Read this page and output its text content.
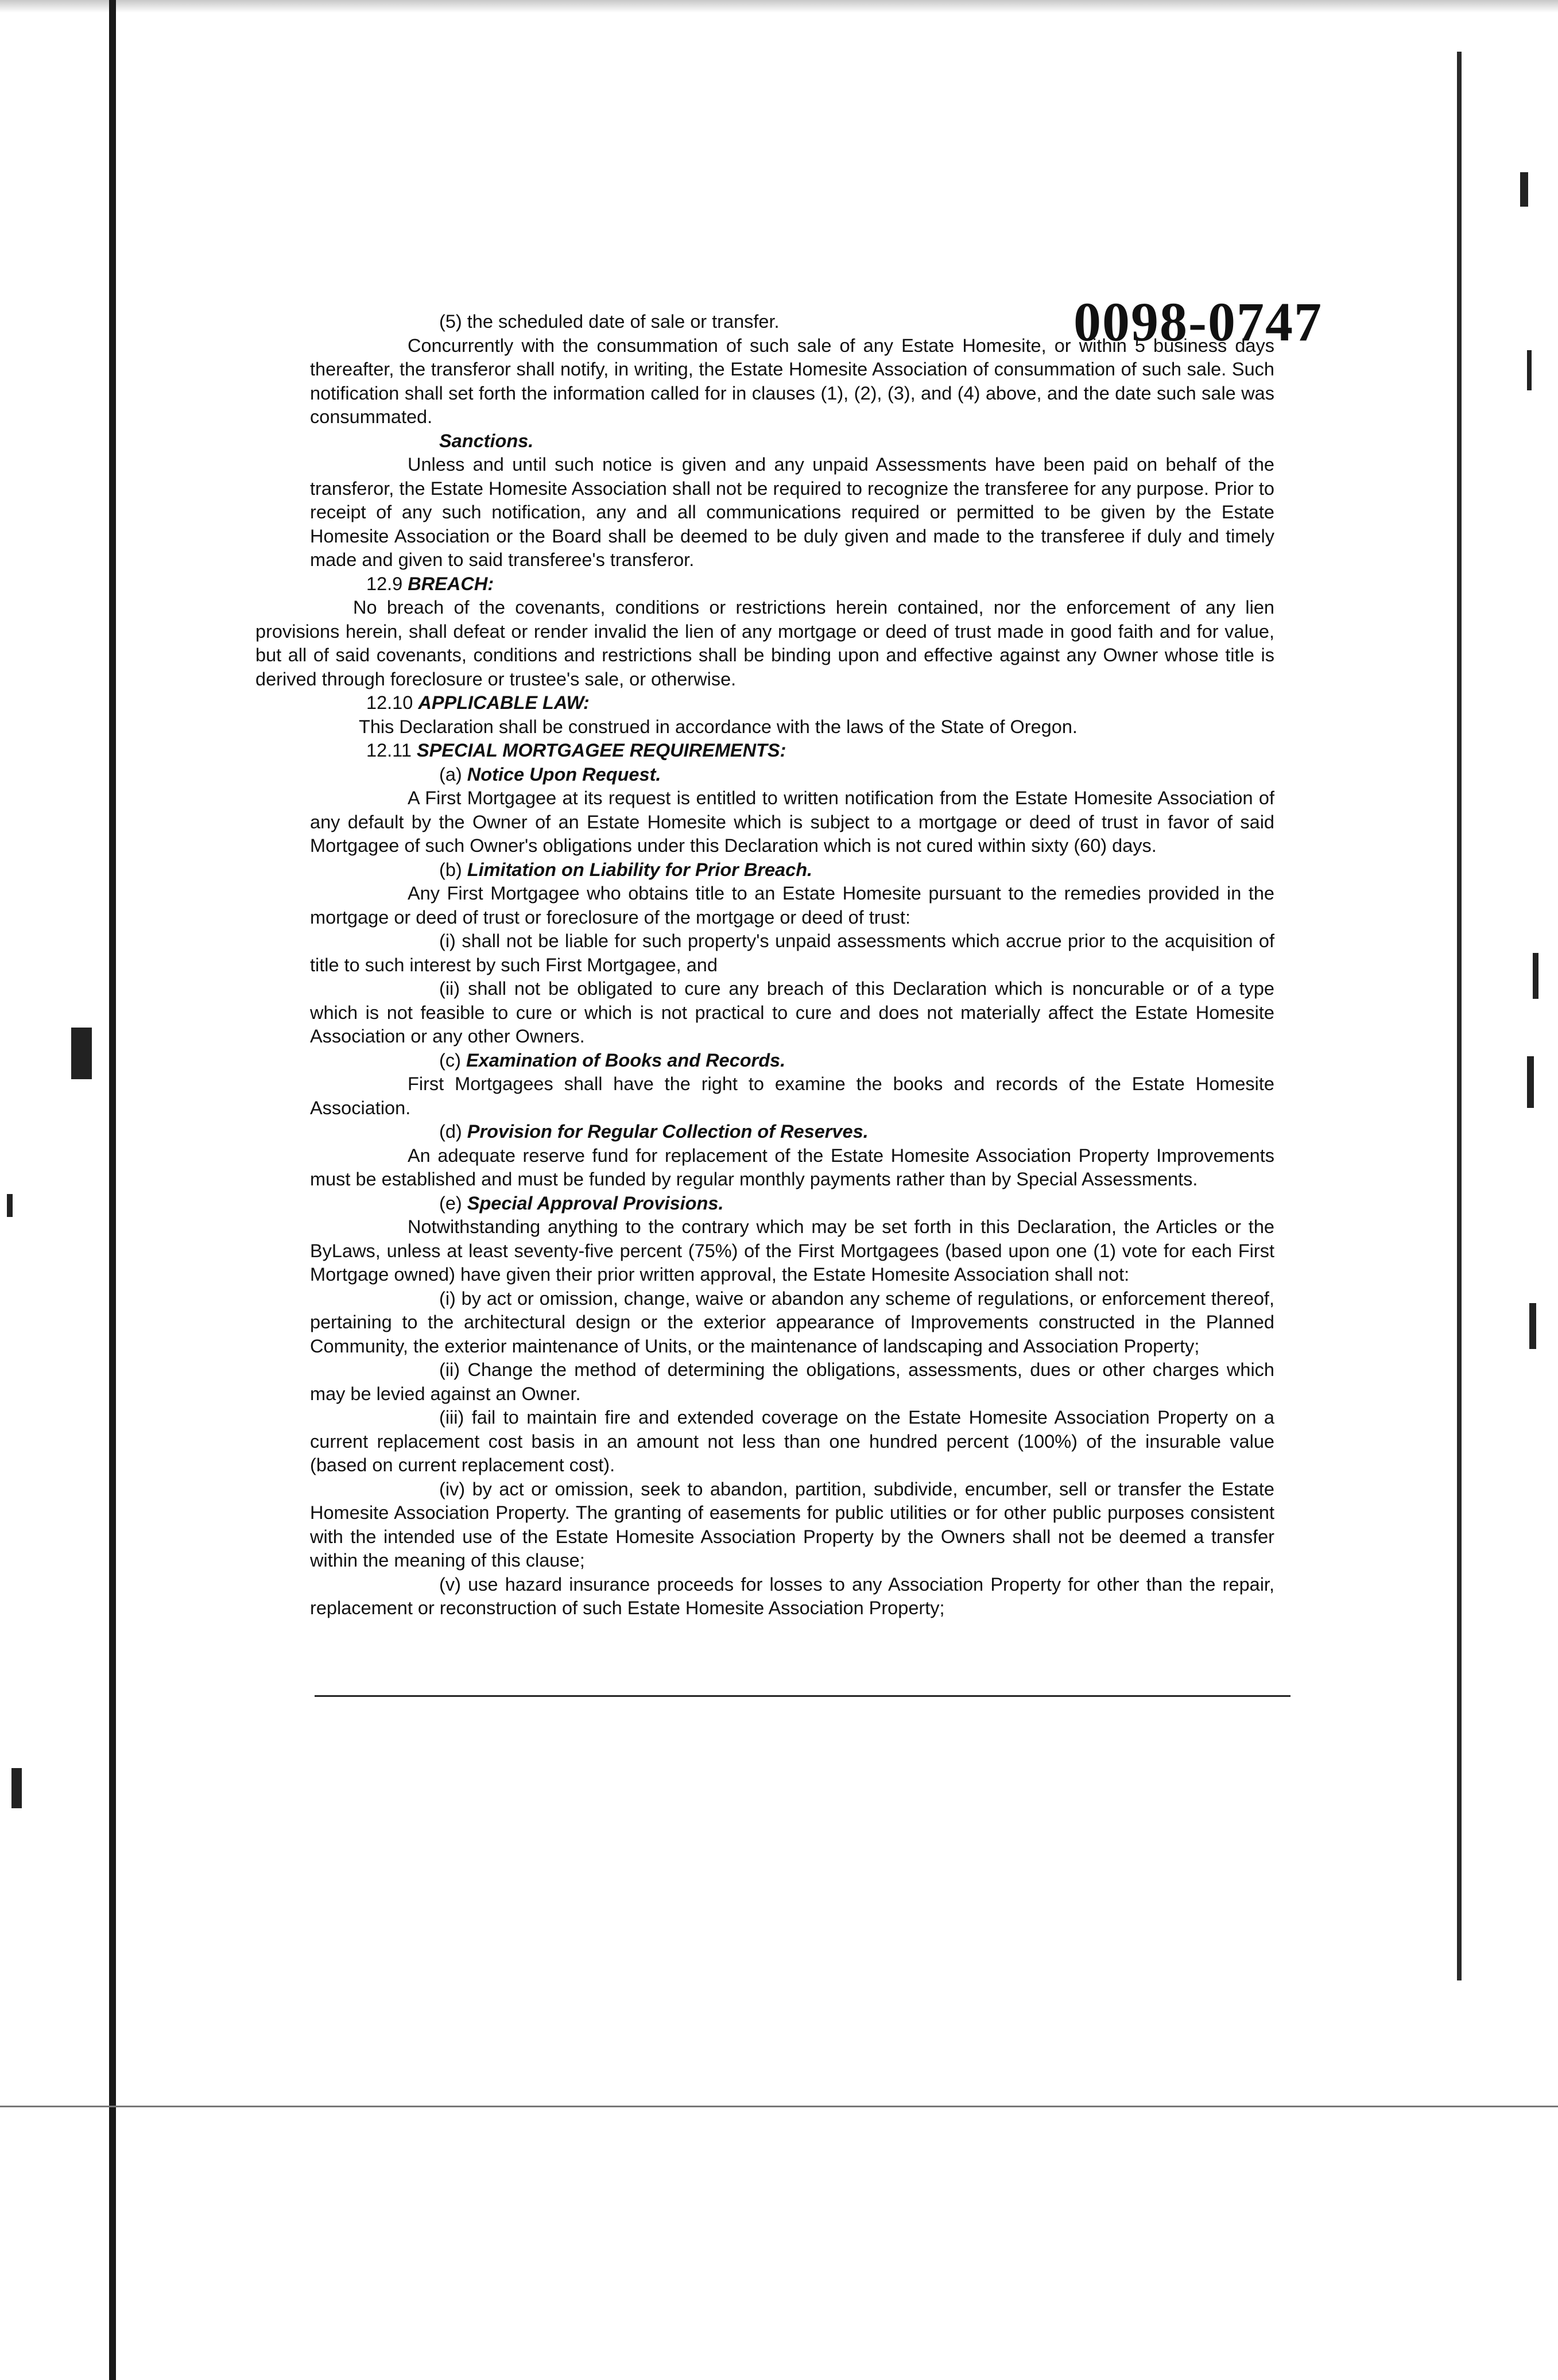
0098-0747

(5) the scheduled date of sale or transfer.

Concurrently with the consummation of such sale of any Estate Homesite, or within 5 business days thereafter, the transferor shall notify, in writing, the Estate Homesite Association of consummation of such sale. Such notification shall set forth the information called for in clauses (1), (2), (3), and (4) above, and the date such sale was consummated.

Sanctions.

Unless and until such notice is given and any unpaid Assessments have been paid on behalf of the transferor, the Estate Homesite Association shall not be required to recognize the transferee for any purpose. Prior to receipt of any such notification, any and all communications required or permitted to be given by the Estate Homesite Association or the Board shall be deemed to be duly given and made to the transferee if duly and timely made and given to said transferee's transferor.

12.9 BREACH:

No breach of the covenants, conditions or restrictions herein contained, nor the enforcement of any lien provisions herein, shall defeat or render invalid the lien of any mortgage or deed of trust made in good faith and for value, but all of said covenants, conditions and restrictions shall be binding upon and effective against any Owner whose title is derived through foreclosure or trustee's sale, or otherwise.

12.10 APPLICABLE LAW:

This Declaration shall be construed in accordance with the laws of the State of Oregon.

12.11 SPECIAL MORTGAGEE REQUIREMENTS:

(a) Notice Upon Request.

A First Mortgagee at its request is entitled to written notification from the Estate Homesite Association of any default by the Owner of an Estate Homesite which is subject to a mortgage or deed of trust in favor of said Mortgagee of such Owner's obligations under this Declaration which is not cured within sixty (60) days.

(b) Limitation on Liability for Prior Breach.

Any First Mortgagee who obtains title to an Estate Homesite pursuant to the remedies provided in the mortgage or deed of trust or foreclosure of the mortgage or deed of trust:

(i) shall not be liable for such property's unpaid assessments which accrue prior to the acquisition of title to such interest by such First Mortgagee, and

(ii) shall not be obligated to cure any breach of this Declaration which is noncurable or of a type which is not feasible to cure or which is not practical to cure and does not materially affect the Estate Homesite Association or any other Owners.

(c) Examination of Books and Records.

First Mortgagees shall have the right to examine the books and records of the Estate Homesite Association.

(d) Provision for Regular Collection of Reserves.

An adequate reserve fund for replacement of the Estate Homesite Association Property Improvements must be established and must be funded by regular monthly payments rather than by Special Assessments.

(e) Special Approval Provisions.

Notwithstanding anything to the contrary which may be set forth in this Declaration, the Articles or the ByLaws, unless at least seventy-five percent (75%) of the First Mortgagees (based upon one (1) vote for each First Mortgage owned) have given their prior written approval, the Estate Homesite Association shall not:

(i) by act or omission, change, waive or abandon any scheme of regulations, or enforcement thereof, pertaining to the architectural design or the exterior appearance of Improvements constructed in the Planned Community, the exterior maintenance of Units, or the maintenance of landscaping and Association Property;

(ii) Change the method of determining the obligations, assessments, dues or other charges which may be levied against an Owner.

(iii) fail to maintain fire and extended coverage on the Estate Homesite Association Property on a current replacement cost basis in an amount not less than one hundred percent (100%) of the insurable value (based on current replacement cost).

(iv) by act or omission, seek to abandon, partition, subdivide, encumber, sell or transfer the Estate Homesite Association Property. The granting of easements for public utilities or for other public purposes consistent with the intended use of the Estate Homesite Association Property by the Owners shall not be deemed a transfer within the meaning of this clause;

(v) use hazard insurance proceeds for losses to any Association Property for other than the repair, replacement or reconstruction of such Estate Homesite Association Property;
